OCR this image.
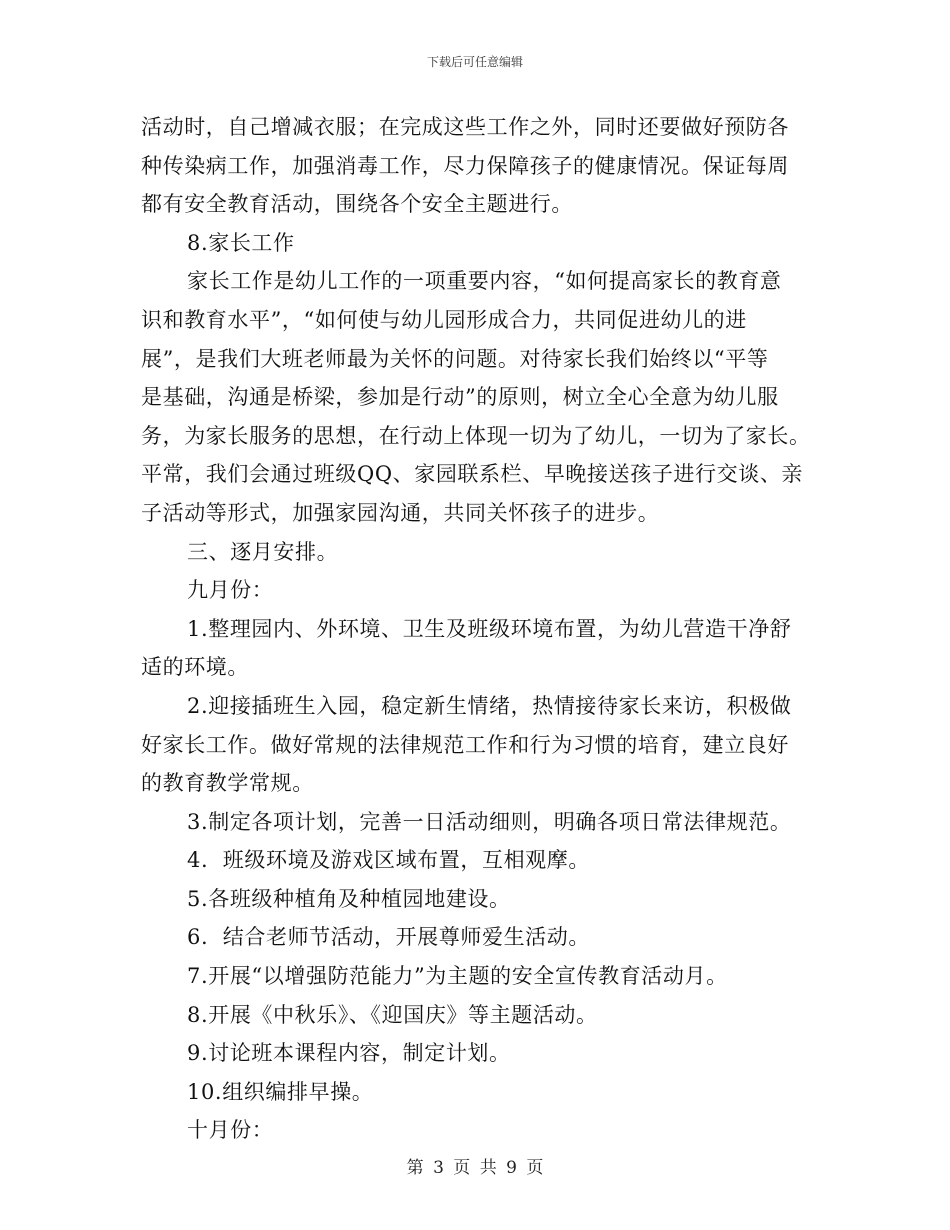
下载后可任意编辑
活动时，自己增减衣服；在完成这些工作之外，同时还要做好预防各
种传染病工作，加强消毒工作，尽力保障孩子的健康情况。保证每周
都有安全教育活动，围绕各个安全主题进行。
8.家长工作
家长工作是幼儿工作的一项重要内容，“如何提高家长的教育意
识和教育水平”，“如何使与幼儿园形成合力，共同促进幼儿的进
展”，是我们大班老师最为关怀的问题。对待家长我们始终以“平等
是基础，沟通是桥梁，参加是行动”的原则，树立全心全意为幼儿服
务，为家长服务的思想，在行动上体现一切为了幼儿，一切为了家长。
平常，我们会通过班级QQ、家园联系栏、早晚接送孩子进行交谈、亲
子活动等形式，加强家园沟通，共同关怀孩子的进步。
三、逐月安排。
九月份：
1.整理园内、外环境、卫生及班级环境布置，为幼儿营造干净舒
适的环境。
2.迎接插班生入园，稳定新生情绪，热情接待家长来访，积极做
好家长工作。做好常规的法律规范工作和行为习惯的培育，建立良好
的教育教学常规。
3.制定各项计划，完善一日活动细则，明确各项日常法律规范。
4.  班级环境及游戏区域布置，互相观摩。
5.各班级种植角及种植园地建设。
6.  结合老师节活动，开展尊师爱生活动。
7.开展“以增强防范能力”为主题的安全宣传教育活动月。
8.开展《中秋乐》、《迎国庆》等主题活动。
9.讨论班本课程内容，制定计划。
10.组织编排早操。
十月份：
第 3 页 共 9 页
